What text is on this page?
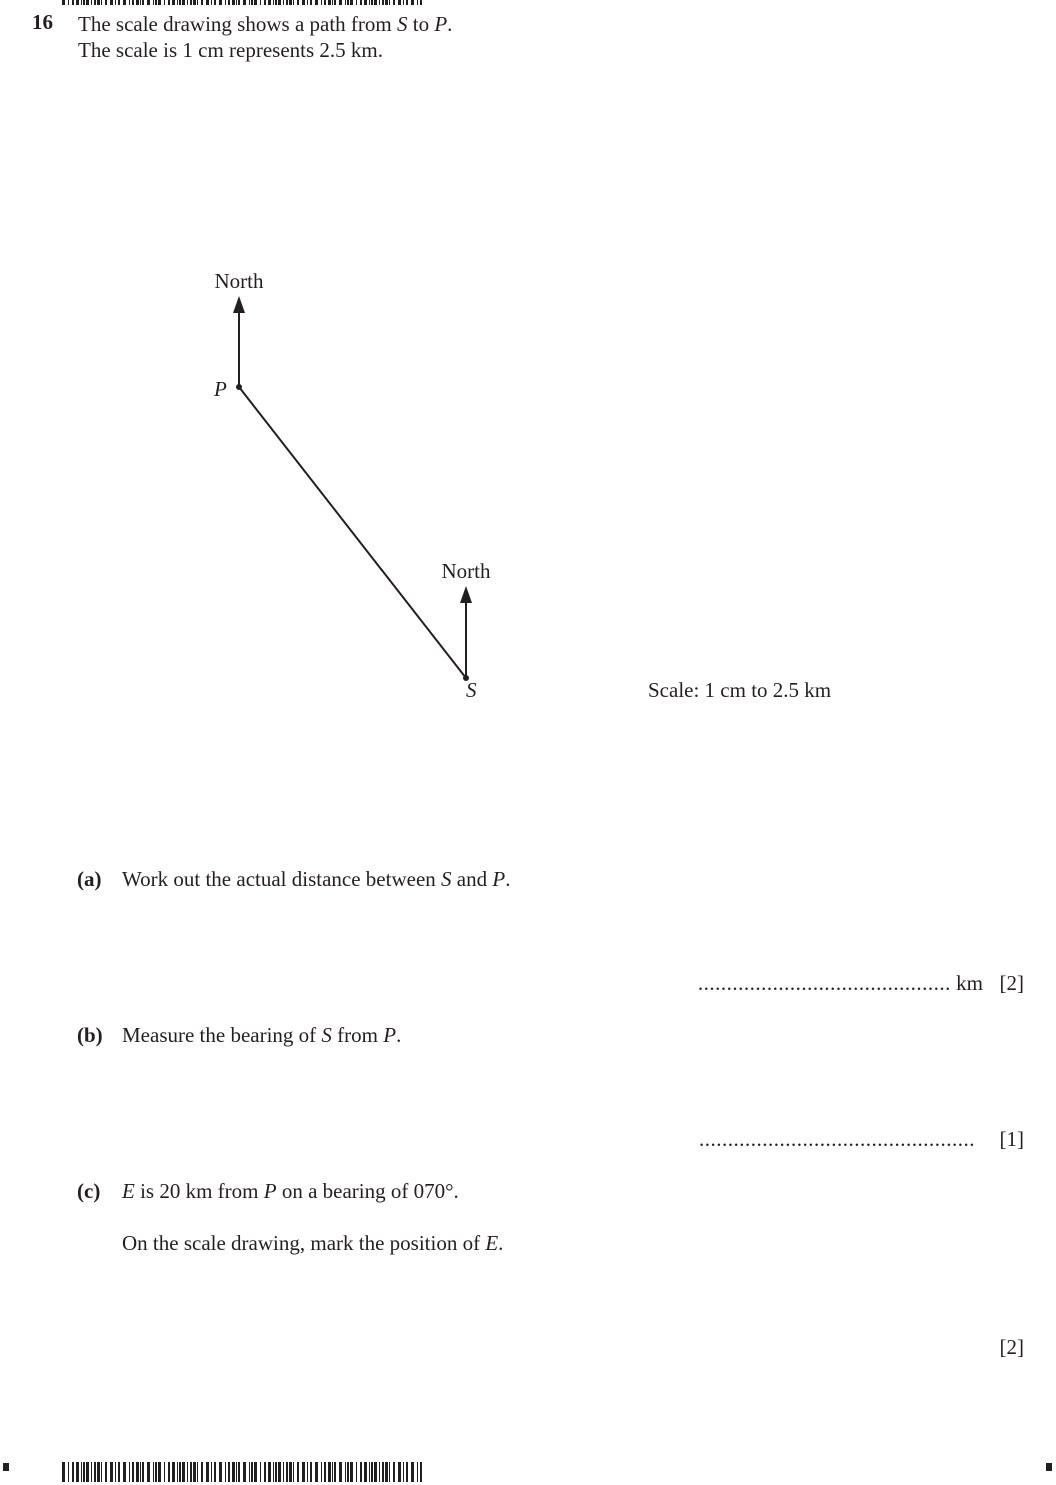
16 The scale drawing shows a path from S to P.
The scale is 1 cm represents 2.5 km.
North
North
P
S	Scale: 1 cm to 2.5 km
(a) Work out the actual distance between S and P.
............................................ km [2]
(b) Measure the bearing of S from P.
................................................ [1]
(c) E is 20 km from P on a bearing of 070°.
On the scale drawing, mark the position of E.
[2]
